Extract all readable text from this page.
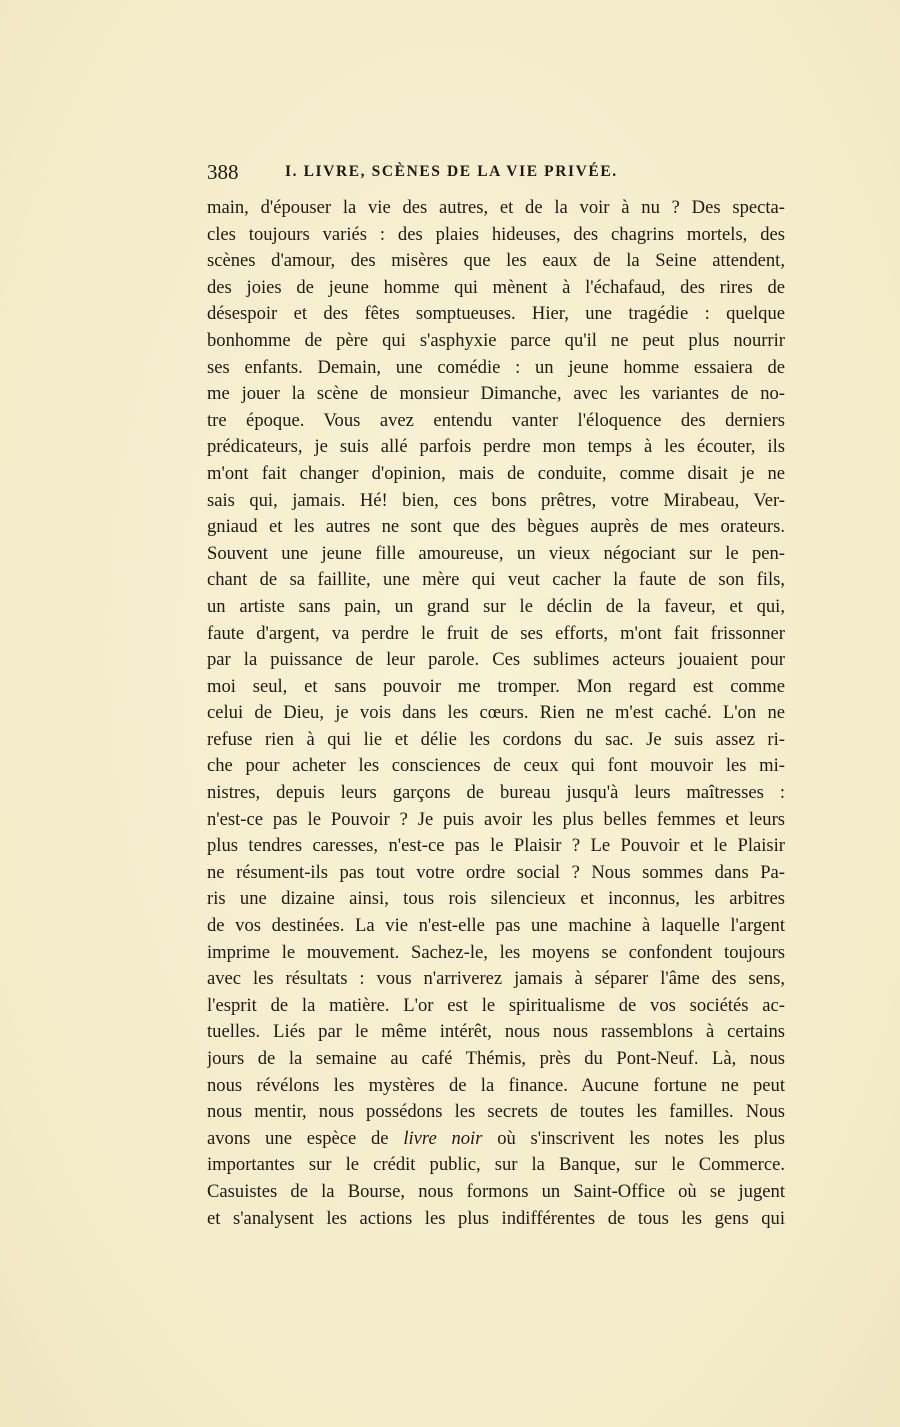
388	I. LIVRE, SCÈNES DE LA VIE PRIVÉE.
main, d'épouser la vie des autres, et de la voir à nu ? Des specta-
cles toujours variés : des plaies hideuses, des chagrins mortels, des
scènes d'amour, des misères que les eaux de la Seine attendent,
des joies de jeune homme qui mènent à l'échafaud, des rires de
désespoir et des fêtes somptueuses. Hier, une tragédie : quelque
bonhomme de père qui s'asphyxie parce qu'il ne peut plus nourrir
ses enfants. Demain, une comédie : un jeune homme essaiera de
me jouer la scène de monsieur Dimanche, avec les variantes de no-
tre époque. Vous avez entendu vanter l'éloquence des derniers
prédicateurs, je suis allé parfois perdre mon temps à les écouter, ils
m'ont fait changer d'opinion, mais de conduite, comme disait je ne
sais qui, jamais. Hé! bien, ces bons prêtres, votre Mirabeau, Ver-
gniaud et les autres ne sont que des bègues auprès de mes orateurs.
Souvent une jeune fille amoureuse, un vieux négociant sur le pen-
chant de sa faillite, une mère qui veut cacher la faute de son fils,
un artiste sans pain, un grand sur le déclin de la faveur, et qui,
faute d'argent, va perdre le fruit de ses efforts, m'ont fait frissonner
par la puissance de leur parole. Ces sublimes acteurs jouaient pour
moi seul, et sans pouvoir me tromper. Mon regard est comme
celui de Dieu, je vois dans les cœurs. Rien ne m'est caché. L'on ne
refuse rien à qui lie et délie les cordons du sac. Je suis assez ri-
che pour acheter les consciences de ceux qui font mouvoir les mi-
nistres, depuis leurs garçons de bureau jusqu'à leurs maîtresses :
n'est-ce pas le Pouvoir ? Je puis avoir les plus belles femmes et leurs
plus tendres caresses, n'est-ce pas le Plaisir ? Le Pouvoir et le Plaisir
ne résument-ils pas tout votre ordre social ? Nous sommes dans Pa-
ris une dizaine ainsi, tous rois silencieux et inconnus, les arbitres
de vos destinées. La vie n'est-elle pas une machine à laquelle l'argent
imprime le mouvement. Sachez-le, les moyens se confondent toujours
avec les résultats : vous n'arriverez jamais à séparer l'âme des sens,
l'esprit de la matière. L'or est le spiritualisme de vos sociétés ac-
tuelles. Liés par le même intérêt, nous nous rassemblons à certains
jours de la semaine au café Thémis, près du Pont-Neuf. Là, nous
nous révélons les mystères de la finance. Aucune fortune ne peut
nous mentir, nous possédons les secrets de toutes les familles. Nous
avons une espèce de livre noir où s'inscrivent les notes les plus
importantes sur le crédit public, sur la Banque, sur le Commerce.
Casuistes de la Bourse, nous formons un Saint-Office où se jugent
et s'analysent les actions les plus indifférentes de tous les gens qui
